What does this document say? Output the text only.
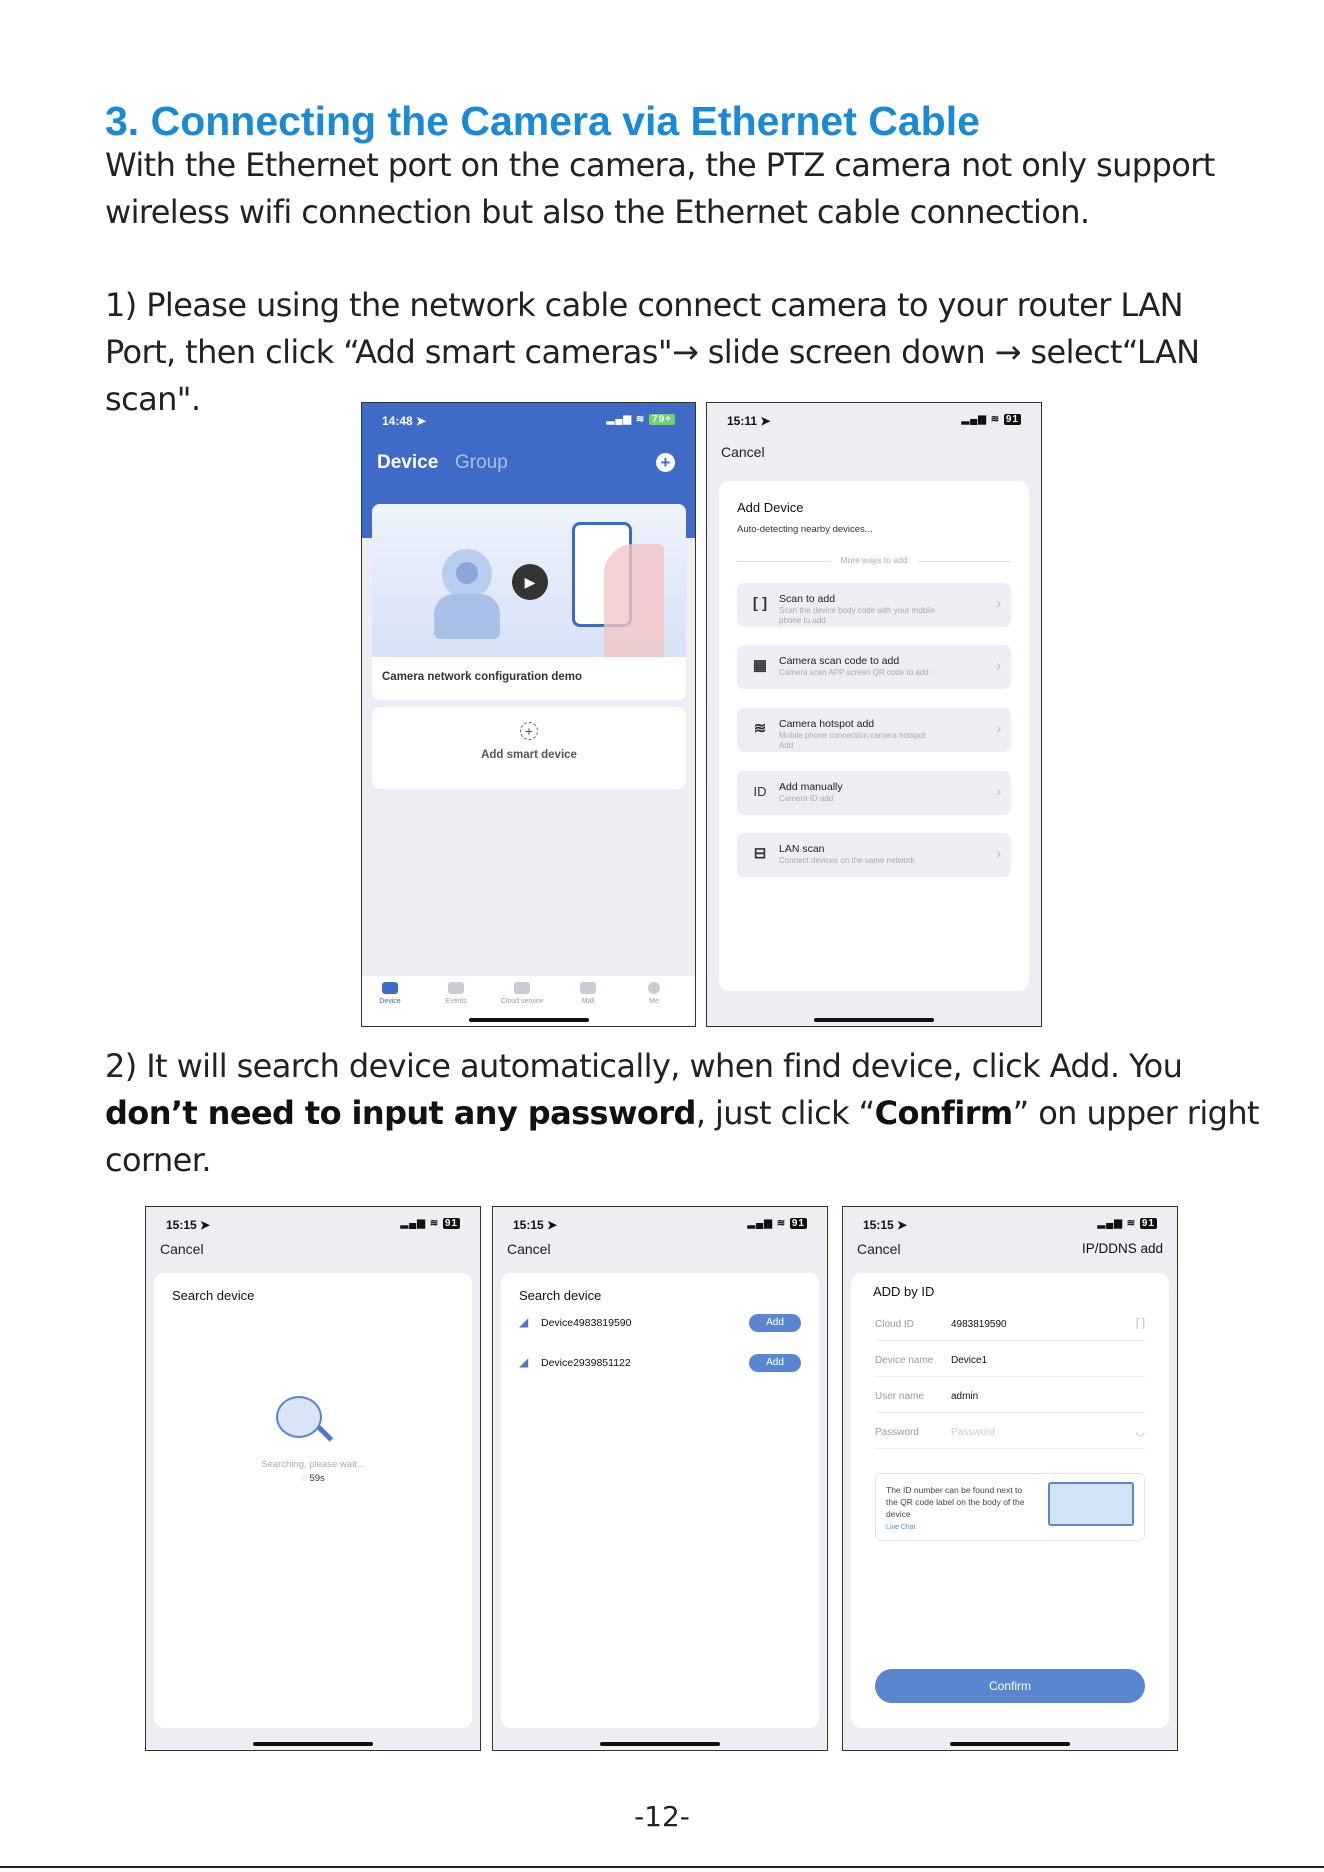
3. Connecting the Camera via Ethernet Cable
With the Ethernet port on the camera, the PTZ camera not only support
wireless wifi connection but also the Ethernet cable connection.
1) Please using the network cable connect camera to your router LAN
Port, then click “Add smart cameras"→ slide screen down → select“LAN
scan".
14:48 ➤	▂▄▆ ≋ 79+
Device Group	+
▶
Camera network configuration demo
+
Add smart device
Device	Events	Cloud service	Mall	Me
15:11 ➤	▂▄▆ ≋ 91
Cancel
Add Device
Auto-detecting nearby devices...
More ways to add
[ ]	Scan to add
Scan the device body code with your mobile phone to add
›
▦	Camera scan code to add
Camera scan APP screen QR code to add	›
≋	Camera hotspot add
Mobile phone connection camera hotspot Add
›
ID	Add manually
Camera ID add	›
⊟	LAN scan
Connect devices on the same network	›
2) It will search device automatically, when find device, click Add. You
don’t need to input any password, just click “Confirm” on upper right
corner.
15:15 ➤	▂▄▆ ≋ 91
Cancel
Search device
Searching, please wait...
◌ 59s
15:15 ➤	▂▄▆ ≋ 91
Cancel
Search device
◢ Device4983819590	Add
◢ Device2939851122	Add
15:15 ➤	▂▄▆ ≋ 91
Cancel	IP/DDNS add
ADD by ID
Cloud ID	4983819590	[ ]
Device name Device1
User name	admin
Password	Password	◡
The ID number can be found next to the QR code label on the body of the device
Live Chat
Confirm
-12-
